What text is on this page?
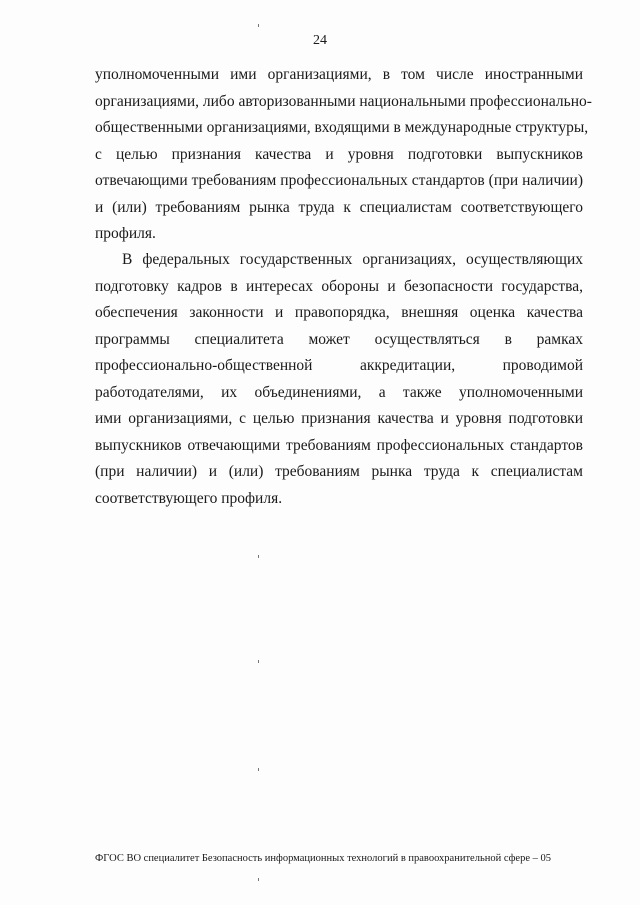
24
уполномоченными ими организациями, в том числе иностранными
организациями, либо авторизованными национальными профессионально-
общественными организациями, входящими в международные структуры,
с целью признания качества и уровня подготовки выпускников
отвечающими требованиям профессиональных стандартов (при наличии)
и (или) требованиям рынка труда к специалистам соответствующего
профиля.
В федеральных государственных организациях, осуществляющих
подготовку кадров в интересах обороны и безопасности государства,
обеспечения законности и правопорядка, внешняя оценка качества
программы специалитета может осуществляться в рамках
профессионально-общественной аккредитации, проводимой
работодателями, их объединениями, а также уполномоченными
ими организациями, с целью признания качества и уровня подготовки
выпускников отвечающими требованиям профессиональных стандартов
(при наличии) и (или) требованиям рынка труда к специалистам
соответствующего профиля.
ФГОС ВО специалитет Безопасность информационных технологий в правоохранительной сфере – 05
